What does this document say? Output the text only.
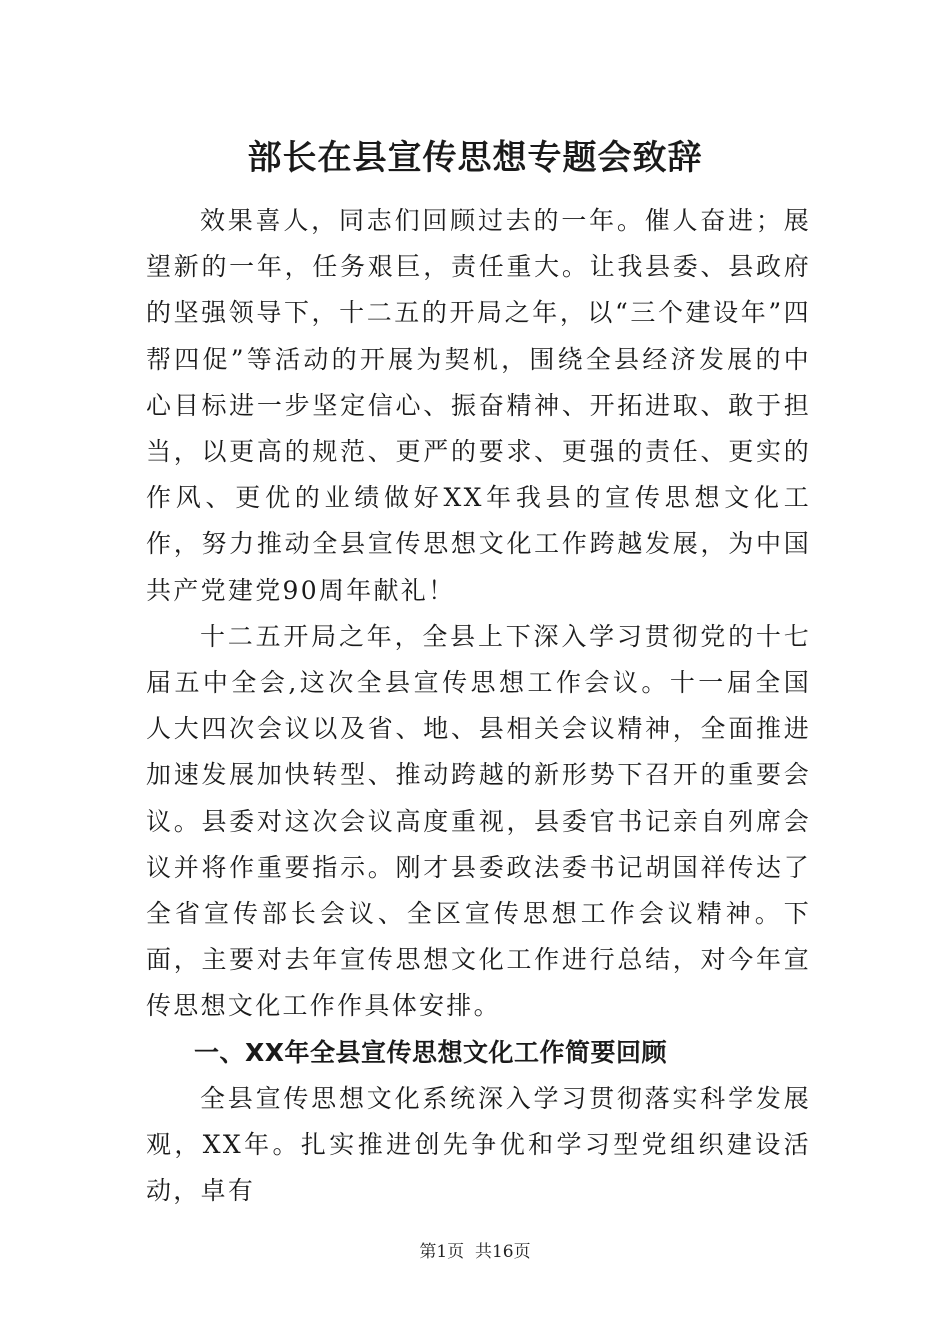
部长在县宣传思想专题会致辞

效果喜人，同志们回顾过去的一年。催人奋进；展望新的一年，任务艰巨，责任重大。让我县委、县政府的坚强领导下，十二五的开局之年，以“三个建设年”四帮四促”等活动的开展为契机，围绕全县经济发展的中心目标进一步坚定信心、振奋精神、开拓进取、敢于担当，以更高的规范、更严的要求、更强的责任、更实的作风、更优的业绩做好XX年我县的宣传思想文化工作，努力推动全县宣传思想文化工作跨越发展，为中国共产党建党90周年献礼！

十二五开局之年，全县上下深入学习贯彻党的十七届五中全会,这次全县宣传思想工作会议。十一届全国人大四次会议以及省、地、县相关会议精神，全面推进加速发展加快转型、推动跨越的新形势下召开的重要会议。县委对这次会议高度重视，县委官书记亲自列席会议并将作重要指示。刚才县委政法委书记胡国祥传达了全省宣传部长会议、全区宣传思想工作会议精神。下面，主要对去年宣传思想文化工作进行总结，对今年宣传思想文化工作作具体安排。

一、XX年全县宣传思想文化工作简要回顾

全县宣传思想文化系统深入学习贯彻落实科学发展观，XX年。扎实推进创先争优和学习型党组织建设活动，卓有

第1页  共16页
